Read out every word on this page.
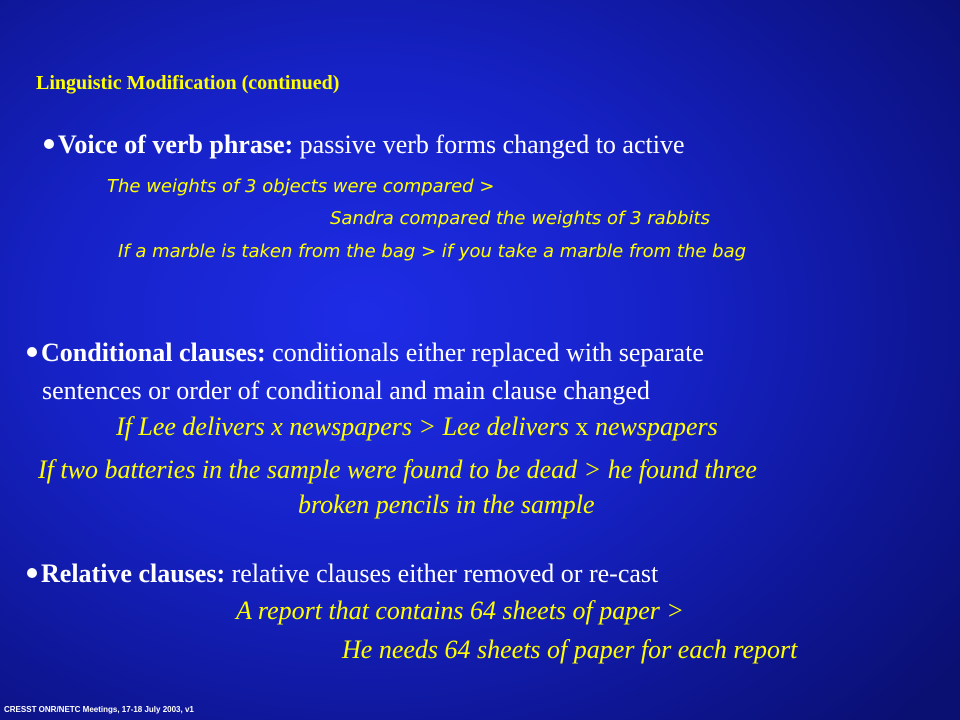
Linguistic Modification (continued)
Voice of verb phrase: passive verb forms changed to active
The weights of 3 objects were compared >
Sandra compared the weights of 3 rabbits
If a marble is taken from the bag > if you take a marble from the bag
Conditional clauses: conditionals either replaced with separate
sentences or order of conditional and main clause changed
If Lee delivers x newspapers > Lee delivers x newspapers
If two batteries in the sample were found to be dead > he found three
broken pencils in the sample
Relative clauses: relative clauses either removed or re-cast
A report that contains 64 sheets of paper >
He needs 64 sheets of paper for each report
CRESST ONR/NETC Meetings, 17-18 July 2003, v1
